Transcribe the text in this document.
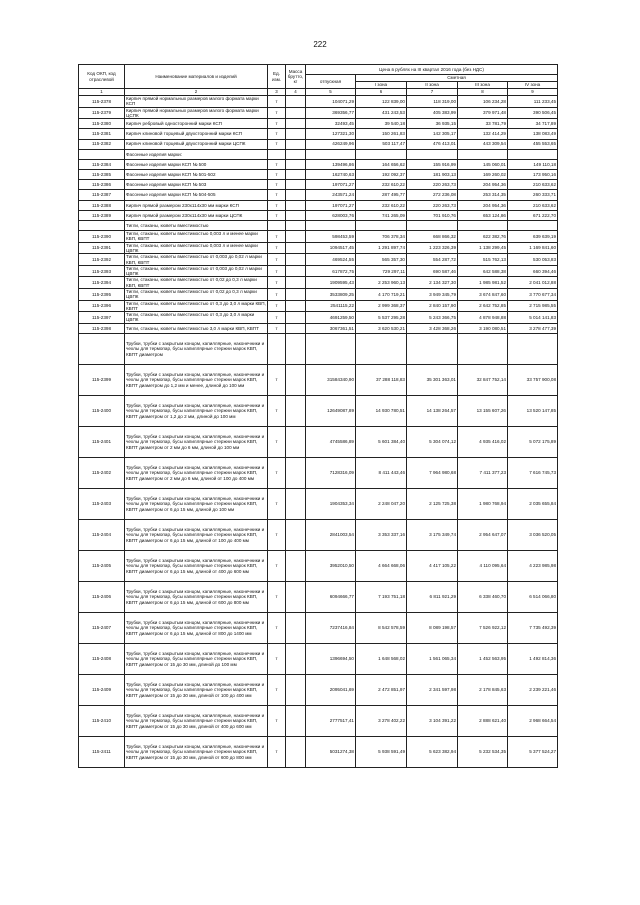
222
Код ОКП, код отраслевой	Наименование материалов и изделий	Ед. изм.	Масса брутто, кг	Цена в рублях на III квартал 2016 года (без НДС)				
				отпускная	Сметная			
					I зона	II зона	III зона	IV зона
1	2	3	4	5	6	7	8	9
115-2378	Кирпич прямой нормальных размеров малого формата марки КСП	т		104071,29	122 839,00	118 319,00	106 234,28	111 233,45
115-2379	Кирпич прямой нормальных размеров малого формата марки ЦСПК	т		369356,77	431 243,53	405 383,99	379 971,48	390 506,45
115-2380	Кирпич ребровый односторонний марки КСП	т		32493,45	39 540,18	36 935,15	33 781,79	34 717,89
115-2381	Кирпич клиновой торцевый двухсторонний марки КСП	т		127321,30	150 261,83	142 305,17	132 414,29	138 083,49
115-2382	Кирпич клиновой торцевый двухсторонний марки ЦСПК	т		426249,96	503 117,47	476 413,01	443 309,54	455 553,65
	Фасонные изделия марки:							
115-2384	Фасонные изделия марки КСП № 500	т		139496,86	164 656,62	155 916,99	145 060,01	149 110,18
115-2385	Фасонные изделия марки КСП № 501-502	т		162740,63	192 092,37	181 903,13	169 260,02	173 950,16
115-2386	Фасонные изделия марки КСП № 503	т		197071,27	232 610,22	220 263,73	204 954,36	210 633,62
115-2387	Фасонные изделия марки КСП № 504-505	т		243571,24	287 495,77	272 236,08	253 314,35	260 333,71
115-2388	Кирпич прямой размером 230х114х30 мм марки КСП	т		197071,27	232 610,22	220 263,73	204 954,36	210 633,62
115-2389	Кирпич прямой размером 230х114х30 мм марки ЦСПК	т		628003,76	741 265,09	701 910,76	653 124,86	671 222,70
	Тигли, стаканы, кюветы вместимостью							
115-2390	Тигли, стаканы, кюветы вместимостью 0,003 л и менее марки КВП, КВПТ	т		598453,59	706 378,34	668 866,32	622 382,76	639 639,19
115-2391	Тигли, стаканы, кюветы вместимостью 0,003 л и менее марки ЦВПК	т		1094517,45	1 291 897,74	1 223 326,39	1 138 299,45	1 169 841,60
115-2392	Тигли, стаканы, кюветы вместимостью от 0,003 до 0,02 л марки КВП, КВПТ	т		469524,55	565 357,30	554 287,72	515 762,13	530 053,83
115-2393	Тигли, стаканы, кюветы вместимостью от 0,003 до 0,02 л марки ЦВПК	т		617872,75	729 297,11	690 587,46	642 588,38	660 394,46
115-2394	Тигли, стаканы, кюветы вместимостью от 0,02 до 0,3 л марки КВП, КВПТ	т		1909595,43	2 253 960,13	2 134 327,30	1 985 981,52	2 041 012,88
115-2395	Тигли, стаканы, кюветы вместимостью от 0,02 до 0,3 л марки ЦВПК	т		3533809,25	4 170 719,21	3 949 345,79	3 674 847,60	3 770 677,34
115-2396	Тигли, стаканы, кюветы вместимостью от 0,3 до 3,0 л марки КВП, КВПТ	т		2541115,22	2 999 368,37	2 840 157,90	2 642 752,85	2 715 985,55
115-2397	Тигли, стаканы, кюветы вместимостью от 0,3 до 3,0 л марки ЦВПК	т		4691259,50	5 537 295,28	5 243 366,75	4 878 948,88	5 014 141,83
115-2398	Тигли, стаканы, кюветы вместимостью 3,0 л марки КВП, КВПТ	т		3067361,51	3 620 530,21	3 428 368,26	3 190 080,51	3 278 477,39
	Трубки, трубки с закрытым концом, капиллярные, наконечники и чехлы для термопар, бусы капиллярные стержни марок КВП, КВПТ диаметром							
115-2399	Трубки, трубки с закрытым концом, капиллярные, наконечники и чехлы для термопар, бусы капиллярные стержни марок КВП, КВПТ диаметром до 1,2 мм и менее, длиной до 100 мм	т		31584340,90	37 288 118,83	35 301 363,01	32 847 752,14	33 757 900,08
115-2400	Трубки, трубки с закрытым концом, капиллярные, наконечники и чехлы для термопар, бусы капиллярные стержни марок КВП, КВПТ диаметром от 1,2 до 2 мм, длиной до 100 мм	т		12649087,89	14 930 780,51	14 138 264,57	13 155 607,26	13 520 147,85
115-2401	Трубки, трубки с закрытым концом, капиллярные, наконечники и чехлы для термопар, бусы капиллярные стержни марок КВП, КВПТ диаметром от 2 мм до 6 мм, длиной до 100 мм	т		4745586,89	5 601 384,40	5 304 074,12	4 935 416,02	5 072 175,89
115-2402	Трубки, трубки с закрытым концом, капиллярные, наконечники и чехлы для термопар, бусы капиллярные стержни марок КВП, КВПТ диаметром от 2 мм до 6 мм, длиной от 100 до 400 мм	т		7128316,09	8 411 443,46	7 964 980,68	7 411 377,23	7 616 745,73
115-2403	Трубки, трубки с закрытым концом, капиллярные, наконечники и чехлы для термопар, бусы капиллярные стержни марок КВП, КВПТ диаметром от 6 до 15 мм, длиной до 100 мм	т		1904353,34	2 248 047,20	2 125 725,38	1 980 768,94	2 035 655,84
115-2404	Трубки, трубки с закрытым концом, капиллярные, наконечники и чехлы для термопар, бусы капиллярные стержни марок КВП, КВПТ диаметром от 6 до 15 мм, длиной от 100 до 400 мм	т		2841003,54	3 353 337,16	3 175 349,74	2 954 647,07	3 036 520,05
115-2405	Трубки, трубки с закрытым концом, капиллярные, наконечники и чехлы для термопар, бусы капиллярные стержни марок КВП, КВПТ диаметром от 6 до 15 мм, длиной от 400 до 600 мм	т		3952010,50	4 664 668,06	4 417 105,22	4 110 095,64	4 223 985,98
115-2406	Трубки, трубки с закрытым концом, капиллярные, наконечники и чехлы для термопар, бусы капиллярные стержни марок КВП, КВПТ диаметром от 6 до 15 мм, длиной от 600 до 800 мм	т		6094666,77	7 193 751,18	6 811 921,29	6 338 460,70	6 514 066,80
115-2407	Трубки, трубки с закрытым концом, капиллярные, наконечники и чехлы для термопар, бусы капиллярные стержни марок КВП, КВПТ диаметром от 6 до 15 мм, длиной от 800 до 1400 мм	т		7237416,84	8 542 578,59	8 089 198,57	7 526 922,12	7 735 492,39
115-2408	Трубки, трубки с закрытым концом, капиллярные, наконечники и чехлы для термопар, бусы капиллярные стержни марок КВП, КВПТ диаметром от 15 до 30 мм, длиной до 100 мм	т		1396694,50	1 648 568,02	1 561 065,34	1 452 563,95	1 492 814,36
115-2409	Трубки, трубки с закрытым концом, капиллярные, наконечники и чехлы для термопар, бусы капиллярные стержни марок КВП, КВПТ диаметром от 15 до 30 мм, длиной от 100 до 400 мм	т		2095041,69	2 472 851,97	2 341 597,98	2 178 845,63	2 239 221,46
115-2410	Трубки, трубки с закрытым концом, капиллярные, наконечники и чехлы для термопар, бусы капиллярные стержни марок КВП, КВПТ диаметром от 15 до 30 мм, длиной от 400 до 600 мм	т		2777517,41	3 278 402,22	3 104 391,22	2 888 621,40	2 968 664,54
115-2411	Трубки, трубки с закрытым концом, капиллярные, наконечники и чехлы для термопар, бусы капиллярные стержни марок КВП, КВПТ диаметром от 15 до 30 мм, длиной от 600 до 800 мм	т		5031274,38	5 938 591,49	5 623 382,94	5 232 534,35	5 377 524,27
